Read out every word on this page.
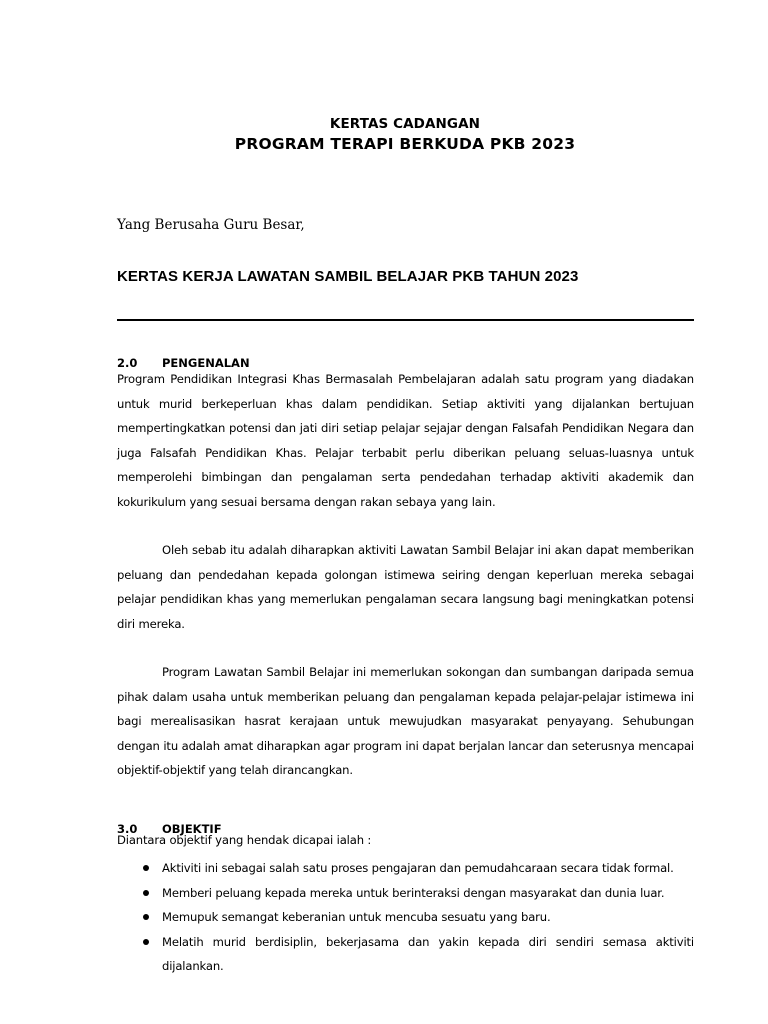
KERTAS CADANGAN
PROGRAM TERAPI BERKUDA PKB 2023
Yang Berusaha Guru Besar,
KERTAS KERJA LAWATAN SAMBIL BELAJAR PKB TAHUN 2023
2.0 PENGENALAN

Program Pendidikan Integrasi Khas Bermasalah Pembelajaran adalah satu program yang diadakan untuk murid berkeperluan khas dalam pendidikan. Setiap aktiviti yang dijalankan bertujuan mempertingkatkan potensi dan jati diri setiap pelajar sejajar dengan Falsafah Pendidikan Negara dan juga Falsafah Pendidikan Khas. Pelajar terbabit perlu diberikan peluang seluas-luasnya untuk memperolehi bimbingan dan pengalaman serta pendedahan terhadap aktiviti akademik dan kokurikulum yang sesuai bersama dengan rakan sebaya yang lain.

Oleh sebab itu adalah diharapkan aktiviti Lawatan Sambil Belajar ini akan dapat memberikan peluang dan pendedahan kepada golongan istimewa seiring dengan keperluan mereka sebagai pelajar pendidikan khas yang memerlukan pengalaman secara langsung bagi meningkatkan potensi diri mereka.

Program Lawatan Sambil Belajar ini memerlukan sokongan dan sumbangan daripada semua pihak dalam usaha untuk memberikan peluang dan pengalaman kepada pelajar-pelajar istimewa ini bagi merealisasikan hasrat kerajaan untuk mewujudkan masyarakat penyayang. Sehubungan dengan itu adalah amat diharapkan agar program ini dapat berjalan lancar dan seterusnya mencapai objektif-objektif yang telah dirancangkan.

3.0 OBJEKTIF
Diantara objektif yang hendak dicapai ialah :
Aktiviti ini sebagai salah satu proses pengajaran dan pemudahcaraan secara tidak formal.
Memberi peluang kepada mereka untuk berinteraksi dengan masyarakat dan dunia luar.
Memupuk semangat keberanian untuk mencuba sesuatu yang baru.
Melatih murid berdisiplin, bekerjasama dan yakin kepada diri sendiri semasa aktiviti dijalankan.
